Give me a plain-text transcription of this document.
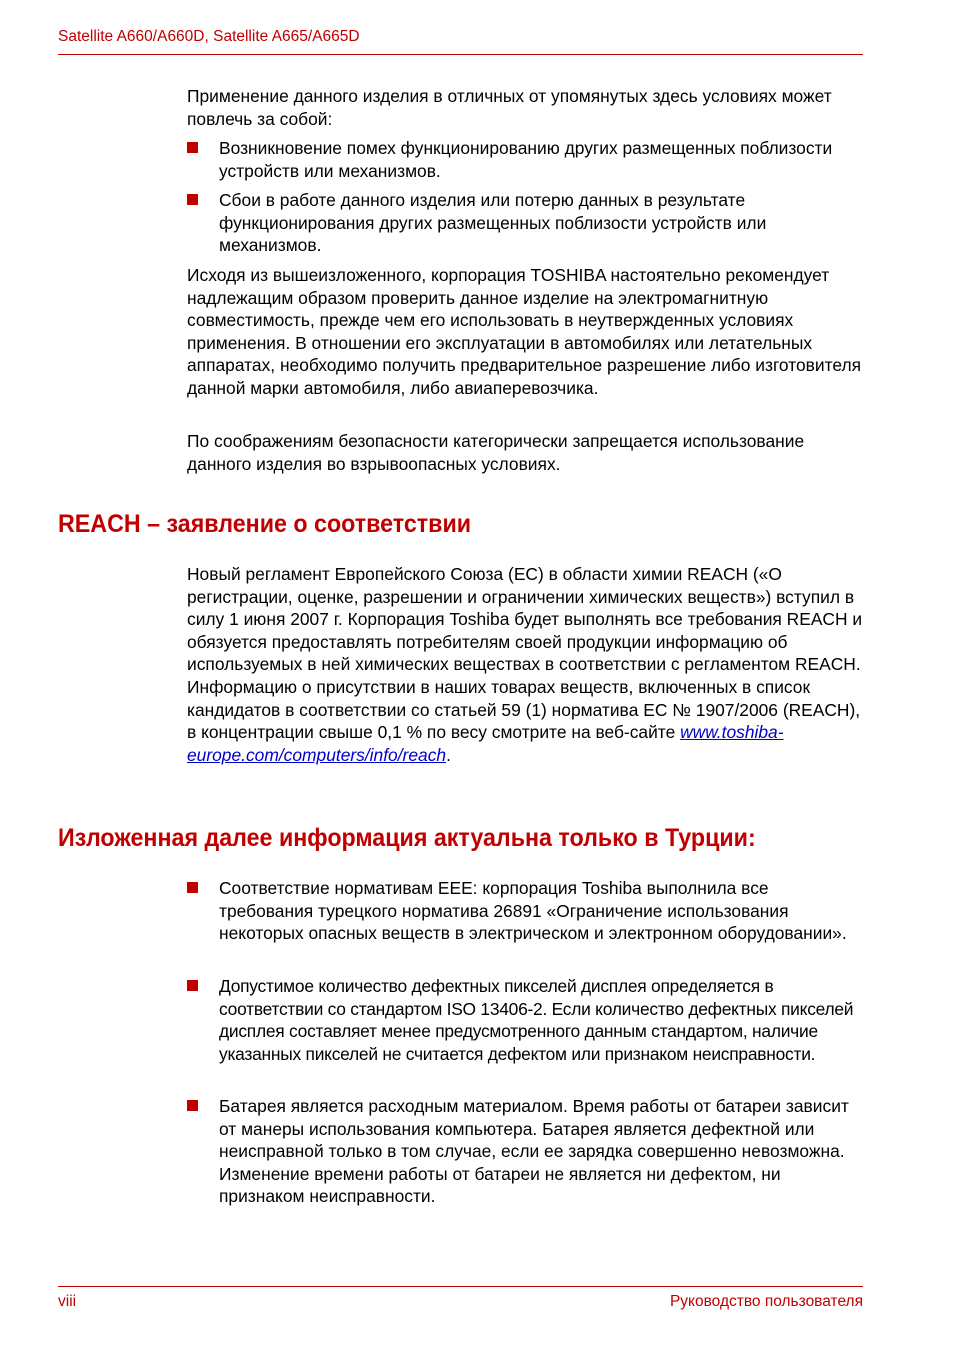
Satellite A660/A660D, Satellite A665/A665D

Применение данного изделия в отличных от упомянутых здесь условиях может повлечь за собой:

Возникновение помех функционированию других размещенных поблизости устройств или механизмов.
Сбои в работе данного изделия или потерю данных в результате функционирования других размещенных поблизости устройств или механизмов.

Исходя из вышеизложенного, корпорация TOSHIBA настоятельно рекомендует надлежащим образом проверить данное изделие на электромагнитную совместимость, прежде чем его использовать в неутвержденных условиях применения. В отношении его эксплуатации в автомобилях или летательных аппаратах, необходимо получить предварительное разрешение либо изготовителя данной марки автомобиля, либо авиаперевозчика.

По соображениям безопасности категорически запрещается использование данного изделия во взрывоопасных условиях.

REACH – заявление о соответствии

Новый регламент Европейского Союза (ЕС) в области химии REACH («О регистрации, оценке, разрешении и ограничении химических веществ») вступил в силу 1 июня 2007 г. Корпорация Toshiba будет выполнять все требования REACH и обязуется предоставлять потребителям своей продукции информацию об используемых в ней химических веществах в соответствии с регламентом REACH. Информацию о присутствии в наших товарах веществ, включенных в список кандидатов в соответствии со статьей 59 (1) нормативa ЕС № 1907/2006 (REACH), в концентрации свыше 0,1 % по весу смотрите на веб-сайте www.toshiba-europe.com/computers/info/reach.

Изложенная далее информация актуальна только в Турции:
Соответствие нормативам EEE: корпорация Toshiba выполнила все требования турецкого норматива 26891 «Ограничение использования некоторых опасных веществ в электрическом и электронном оборудовании».
Допустимое количество дефектных пикселей дисплея определяется в соответствии со стандартом ISO 13406-2. Если количество дефектных пикселей дисплея составляет менее предусмотренного данным стандартом, наличие указанных пикселей не считается дефектом или признаком неисправности.
Батарея является расходным материалом. Время работы от батареи зависит от манеры использования компьютера. Батарея является дефектной или неисправной только в том случае, если ее зарядка совершенно невозможна. Изменение времени работы от батареи не является ни дефектом, ни признаком неисправности.
viii	Руководство пользователя
